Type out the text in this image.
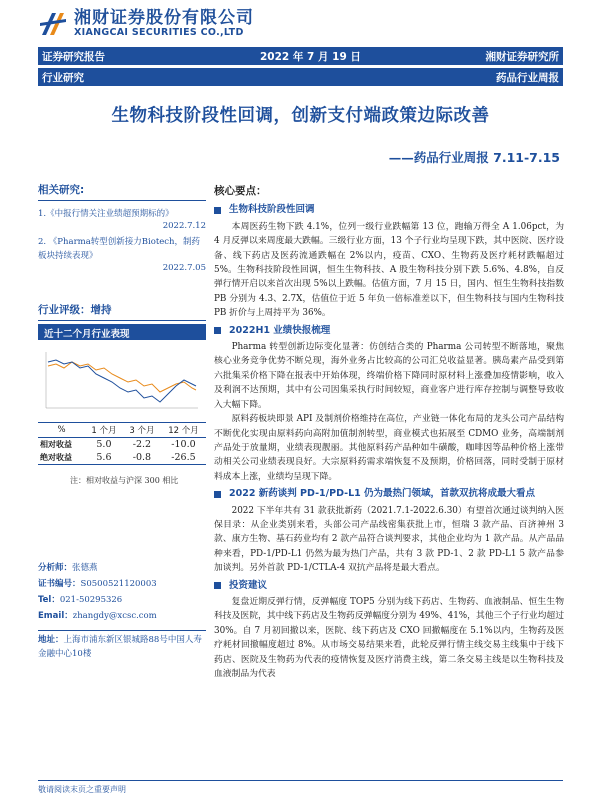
湘财证券股份有限公司
XIANGCAI SECURITIES CO.,LTD
证券研究报告	2022 年 7 月 19 日	湘财证券研究所
行业研究	药品行业周报
生物科技阶段性回调，创新支付端政策边际改善
——药品行业周报 7.11-7.15
相关研究:
1.《中报行情关注业绩超预期标的》
2022.7.12
2. 《Pharma转型创新接力Biotech，制药板块持续表现》
2022.7.05
行业评级：增持
近十二个月行业表现
%	1 个月	3 个月	12 个月
相对收益	5.0	-2.2	-10.0
绝对收益	5.6	-0.8	-26.5
注：相对收益与沪深 300 相比
分析师：张德燕
证书编号：S0500521120003
Tel：021-50295326
Email：zhangdy@xcsc.com
地址：上海市浦东新区银城路88号中国人寿金融中心10楼
核心要点：
生物科技阶段性回调

本周医药生物下跌 4.1%，位列一级行业跌幅第 13 位，跑输万得全 A 1.06pct，为 4 月反弹以来周度最大跌幅。三级行业方面，13 个子行业均呈现下跌，其中医院、医疗设备、线下药店及医药流通跌幅在 2%以内，疫苗、CXO、生物药及医疗耗材跌幅超过 5%。生物科技阶段性回调，恒生生物科技、A 股生物科技分别下跌 5.6%、4.8%，自反弹行情开启以来首次出现 5%以上跌幅。估值方面，7 月 15 日，国内、恒生生物科技指数 PB 分别为 4.3、2.7X，估值位于近 5 年负一倍标准差以下，但生物科技与国内生物科技 PB 折价与上周持平为 36%。

2022H1 业绩快报梳理

Pharma 转型创新边际变化显著：仿创结合类的 Pharma 公司转型不断落地，聚焦核心业务竞争优势不断兑现，海外业务占比较高的公司汇兑收益显著。胰岛素产品受到第六批集采价格下降在报表中开始体现，终端价格下降同时原材料上涨叠加疫情影响，收入及利润不达预期，其中有公司因集采执行时间较短，商业客户进行库存控制与调整导致收入大幅下降。

原料药板块即景 API 及制剂价格维持在高位，产业链一体化布局的龙头公司产品结构不断优化实现由原料药向高附加值制剂转型，商业模式也拓展至 CDMO 业务，高端制剂产品处于放量期，业绩表现靓丽。其他原料药产品种如牛磺酸，咖啡因等品种价格上涨带动相关公司业绩表现良好。大宗原料药需求端恢复不及预期，价格回落，同时受制于原材料成本上涨，业绩均呈现下降。

2022 新药谈判 PD-1/PD-L1 仍为最热门领域，首款双抗将成最大看点

2022 下半年共有 31 款获批新药（2021.7.1-2022.6.30）有望首次通过谈判纳入医保目录：从企业类别来看，头部公司产品线密集获批上市，恒瑞 3 款产品、百济神州 3 款、康方生物、基石药业均有 2 款产品符合谈判要求，其他企业均为 1 款产品。从产品品种来看，PD-1/PD-L1 仍然为最为热门产品，共有 3 款 PD-1、2 款 PD-L1 5 款产品参加谈判。另外首款 PD-1/CTLA-4 双抗产品将是最大看点。

投资建议

复盘近期反弹行情，反弹幅度 TOP5 分别为线下药店、生物药、血液制品、恒生生物科技及医院，其中线下药店及生物药反弹幅度分别为 49%、41%，其他三个子行业均超过 30%。自 7 月初回撤以来，医院、线下药店及 CXO 回撤幅度在 5.1%以内，生物药及医疗耗材回撤幅度超过 8%。从市场交易结果来看，此轮反弹行情主线交易主线集中于线下药店、医院及生物药为代表的疫情恢复及医疗消费主线，第二条交易主线是以生物科技及血液制品为代表

敬请阅读末页之重要声明
